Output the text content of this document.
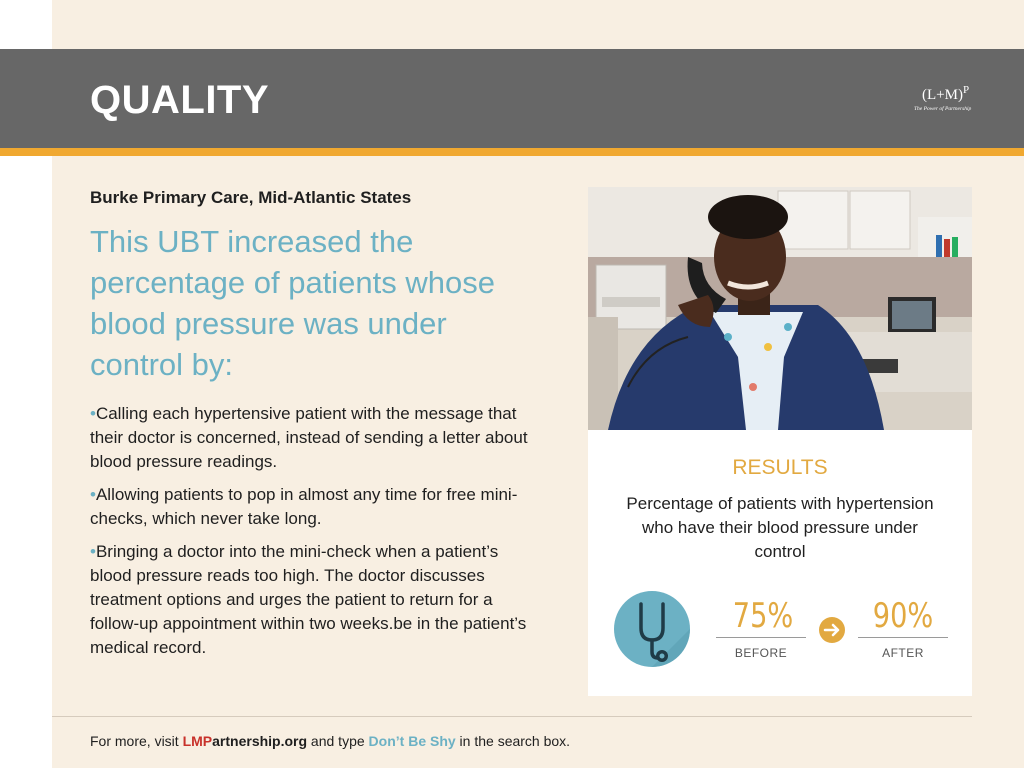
QUALITY	$(L+M)^P$
The Power of Partnership
Burke Primary Care, Mid-Atlantic States
This UBT increased the percentage of patients whose blood pressure was under control by:
•Calling each hypertensive patient with the message that their doctor is concerned, instead of sending a letter about blood pressure readings.
•Allowing patients to pop in almost any time for free mini-checks, which never take long.
•Bringing a doctor into the mini-check when a patient’s blood pressure reads too high. The doctor discusses treatment options and urges the patient to return for a follow-up appointment within two weeks.be in the patient’s medical record.
RESULTS
Percentage of patients with hypertension who have their blood pressure under control
75%
BEFORE
90%
AFTER
For more, visit LMPartnership.org and type Don’t Be Shy in the search box.
